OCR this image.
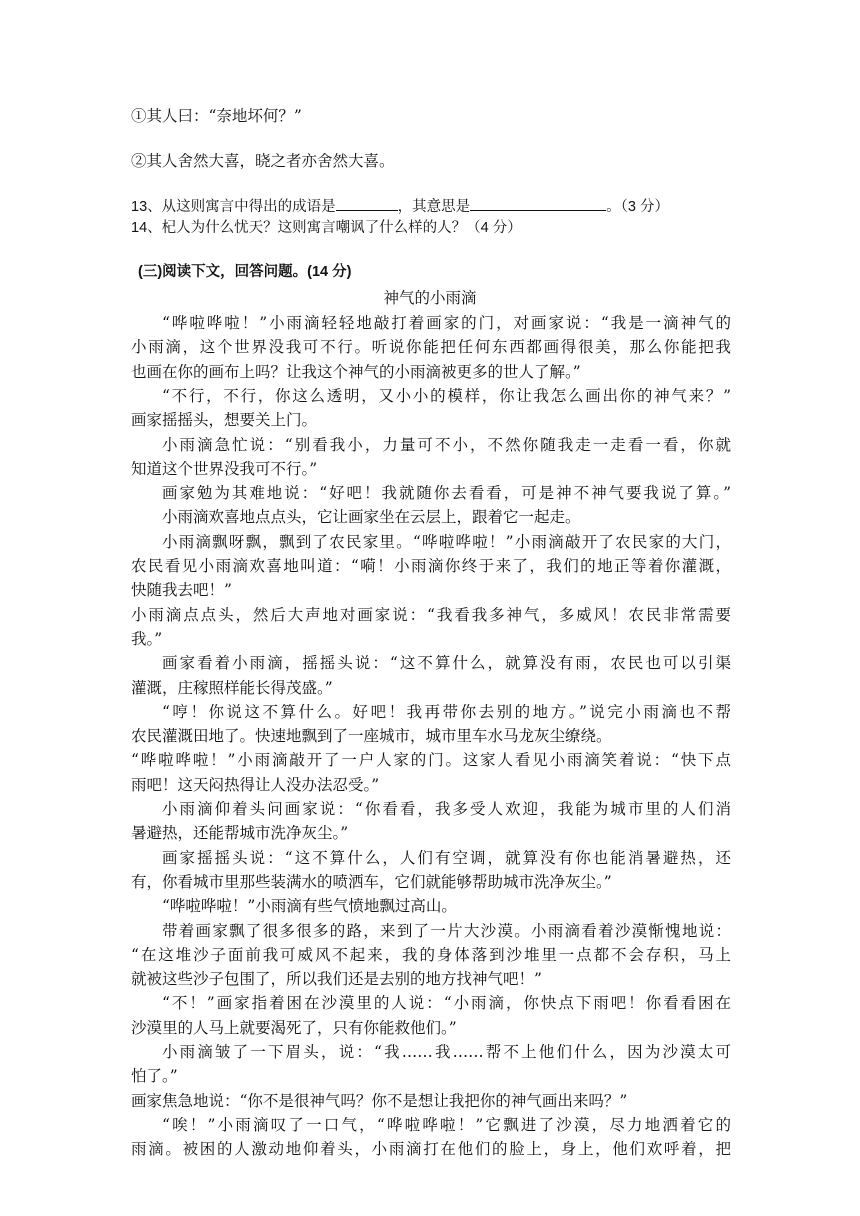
①其人曰：“奈地坏何？”
②其人舍然大喜，晓之者亦舍然大喜。
13、从这则寓言中得出的成语是	，其意思是	。（3 分）
14、杞人为什么忧天？这则寓言嘲讽了什么样的人？（4 分）
(三)阅读下文，回答问题。(14 分)
神气的小雨滴
“哗啦哗啦！”小雨滴轻轻地敲打着画家的门，对画家说：“我是一滴神气的
小雨滴，这个世界没我可不行。听说你能把任何东西都画得很美，那么你能把我
也画在你的画布上吗？让我这个神气的小雨滴被更多的世人了解。”
“不行，不行，你这么透明，又小小的模样，你让我怎么画出你的神气来？”
画家摇摇头，想要关上门。
小雨滴急忙说：“别看我小，力量可不小，不然你随我走一走看一看，你就
知道这个世界没我可不行。”
画家勉为其难地说：“好吧！我就随你去看看，可是神不神气要我说了算。”
小雨滴欢喜地点点头，它让画家坐在云层上，跟着它一起走。
小雨滴飘呀飘，飘到了农民家里。“哗啦哗啦！”小雨滴敲开了农民家的大门，
农民看见小雨滴欢喜地叫道：“嗬！小雨滴你终于来了，我们的地正等着你灌溉，
快随我去吧！”
小雨滴点点头，然后大声地对画家说：“我看我多神气，多威风！农民非常需要
我。”
画家看着小雨滴，摇摇头说：“这不算什么，就算没有雨，农民也可以引渠
灌溉，庄稼照样能长得茂盛。”
“哼！你说这不算什么。好吧！我再带你去别的地方。”说完小雨滴也不帮
农民灌溉田地了。快速地飘到了一座城市，城市里车水马龙灰尘缭绕。
“哗啦哗啦！”小雨滴敲开了一户人家的门。这家人看见小雨滴笑着说：“快下点
雨吧！这天闷热得让人没办法忍受。”
小雨滴仰着头问画家说：“你看看，我多受人欢迎，我能为城市里的人们消
暑避热，还能帮城市洗净灰尘。”
画家摇摇头说：“这不算什么，人们有空调，就算没有你也能消暑避热，还
有，你看城市里那些装满水的喷洒车，它们就能够帮助城市洗净灰尘。”
“哗啦哗啦！”小雨滴有些气愤地飘过高山。
带着画家飘了很多很多的路，来到了一片大沙漠。小雨滴看着沙漠惭愧地说：
“在这堆沙子面前我可威风不起来，我的身体落到沙堆里一点都不会存积，马上
就被这些沙子包围了，所以我们还是去别的地方找神气吧！”
“不！”画家指着困在沙漠里的人说：“小雨滴，你快点下雨吧！你看看困在
沙漠里的人马上就要渴死了，只有你能救他们。”
小雨滴皱了一下眉头，说：“我……我……帮不上他们什么，因为沙漠太可
怕了。”
画家焦急地说：“你不是很神气吗？你不是想让我把你的神气画出来吗？”
“唉！”小雨滴叹了一口气，“哗啦哗啦！”它飘进了沙漠，尽力地洒着它的
雨滴。被困的人激动地仰着头，小雨滴打在他们的脸上，身上，他们欢呼着，把
